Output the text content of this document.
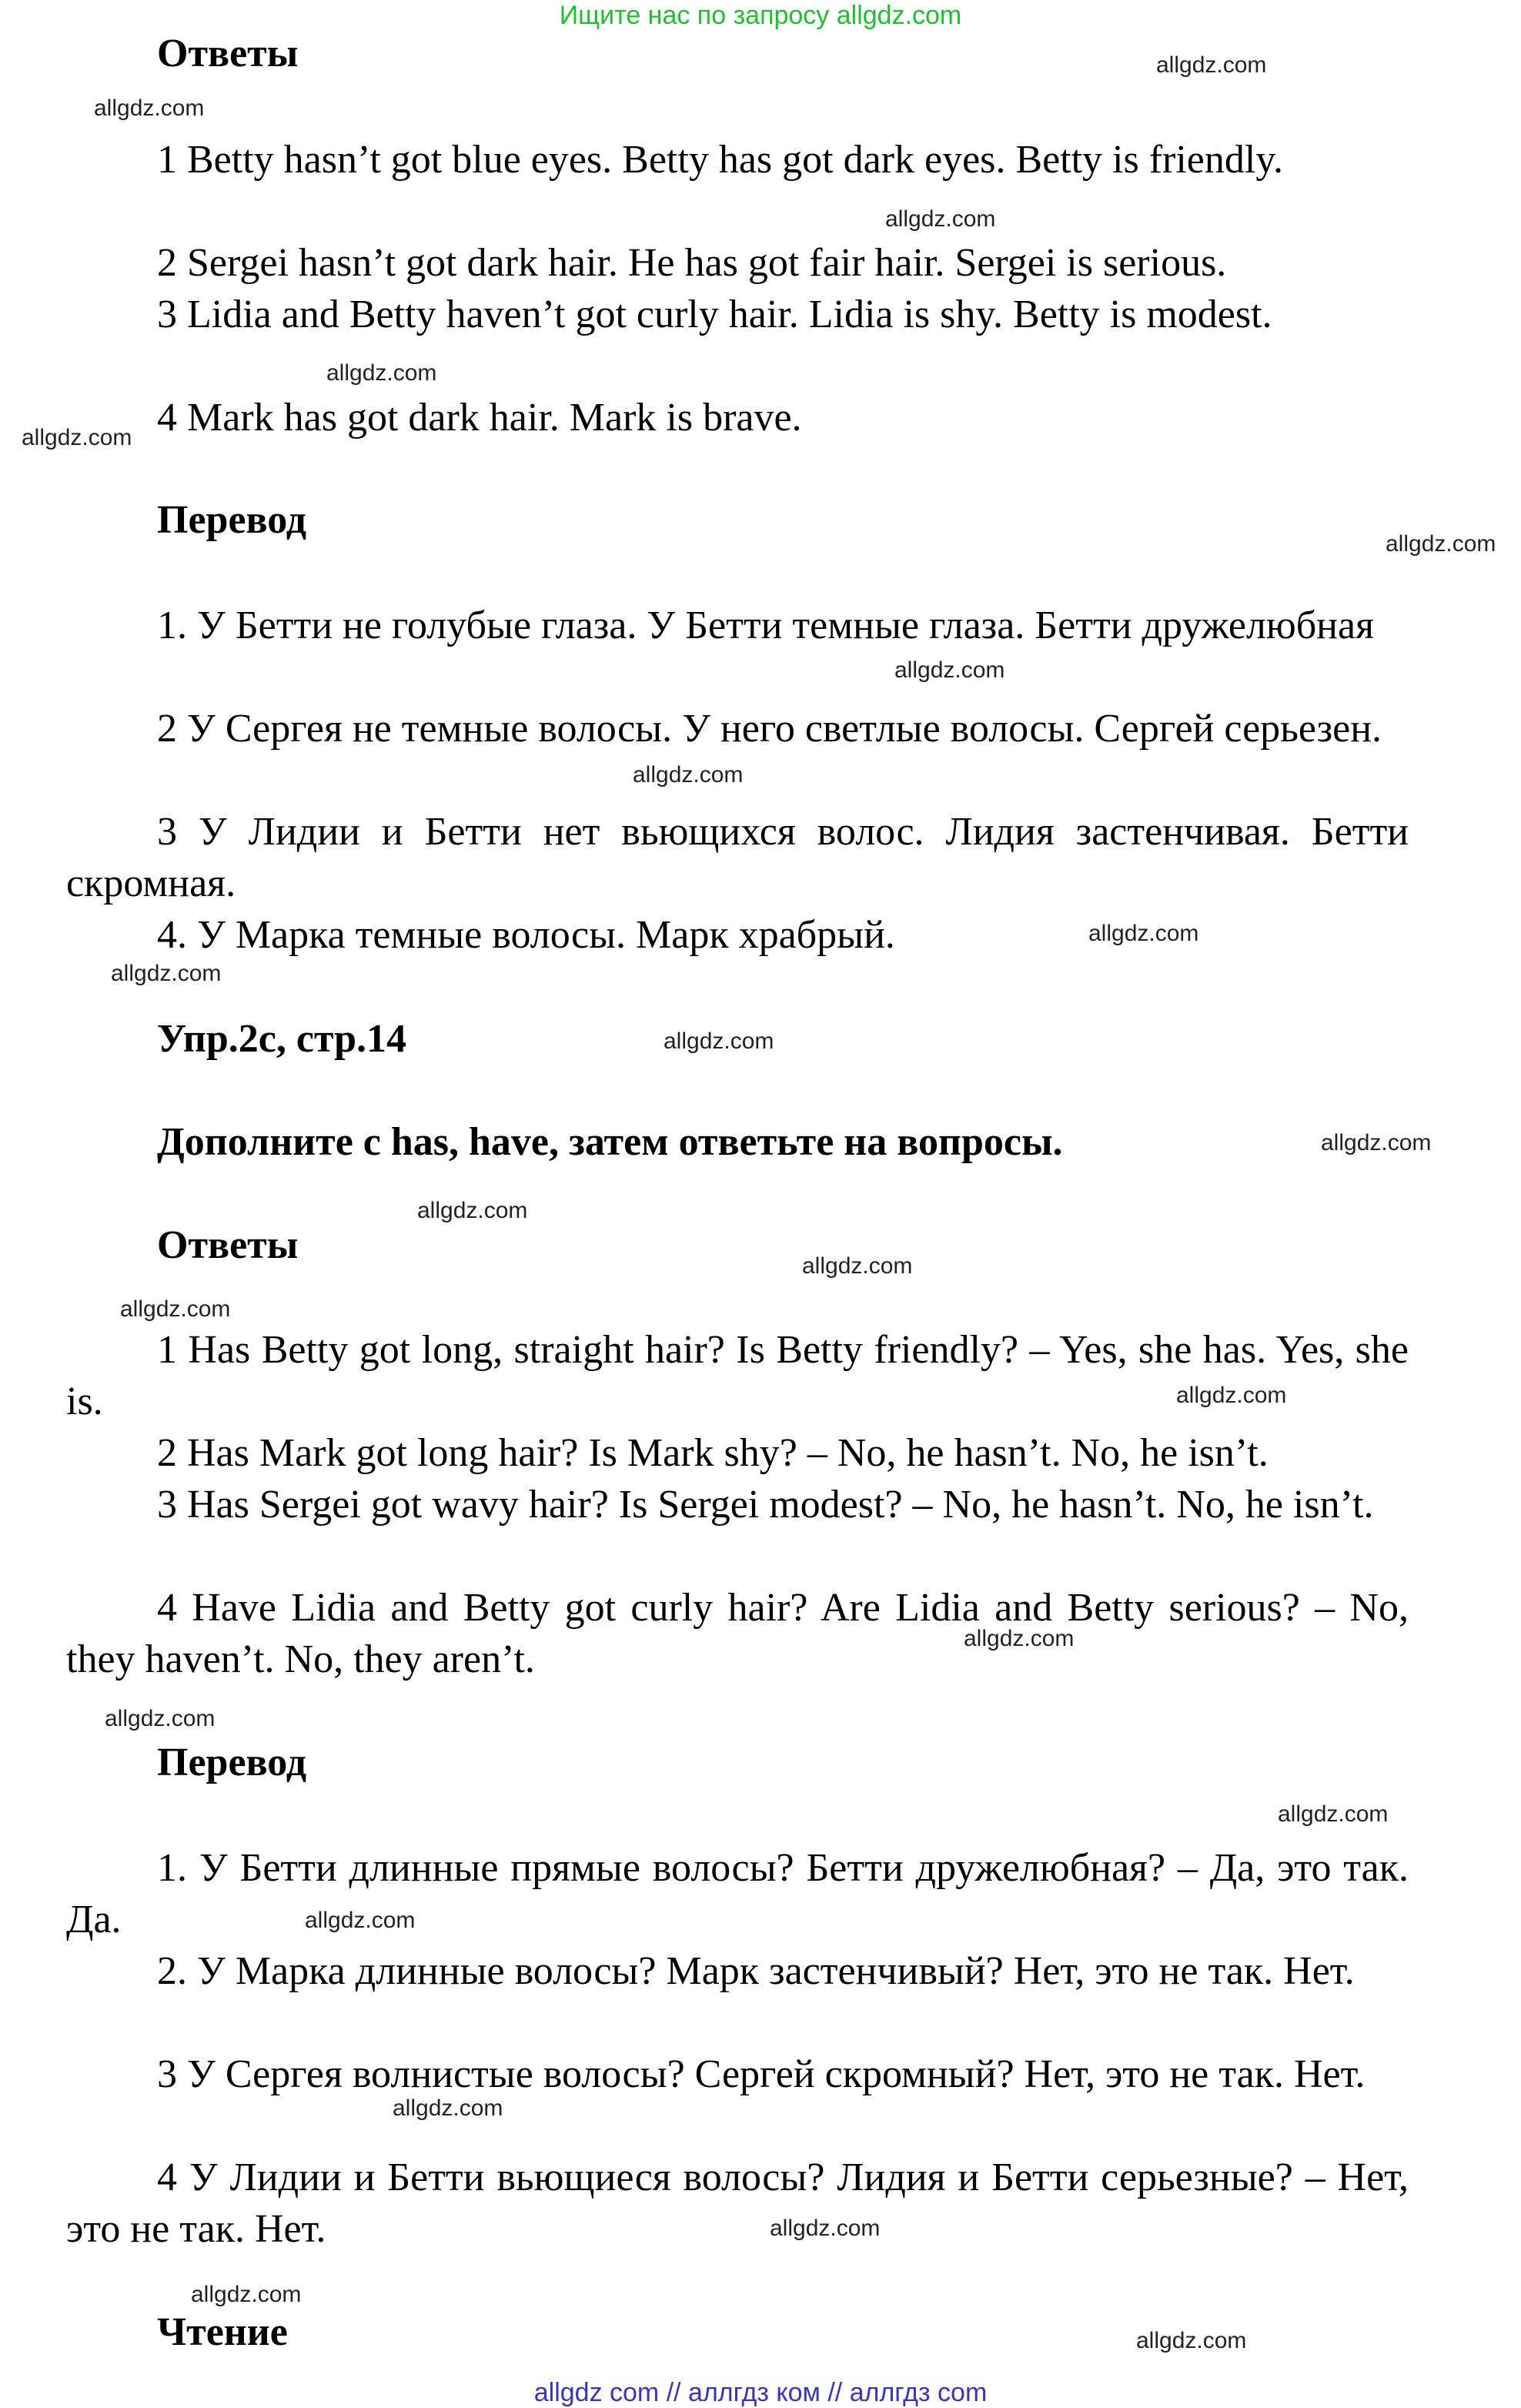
Ищите нас по запросу allgdz.com
Ответы
1 Betty hasn’t got blue eyes. Betty has got dark eyes. Betty is friendly.
2 Sergei hasn’t got dark hair. He has got fair hair. Sergei is serious.
3 Lidia and Betty haven’t got curly hair. Lidia is shy. Betty is modest.
4 Mark has got dark hair. Mark is brave.
Перевод
1. У Бетти не голубые глаза. У Бетти темные глаза. Бетти дружелюбная
2 У Сергея не темные волосы. У него светлые волосы. Сергей серьезен.
3 У Лидии и Бетти нет вьющихся волос. Лидия застенчивая. Бетти скромная.
4. У Марка темные волосы. Марк храбрый.
Упр.2c, стр.14
Дополните с has, have, затем ответьте на вопросы.
Ответы
1 Has Betty got long, straight hair? Is Betty friendly? – Yes, she has. Yes, she is.
2 Has Mark got long hair? Is Mark shy? – No, he hasn’t. No, he isn’t.
3 Has Sergei got wavy hair? Is Sergei modest? – No, he hasn’t. No, he isn’t.
4 Have Lidia and Betty got curly hair? Are Lidia and Betty serious? – No, they haven’t. No, they aren’t.
Перевод
1. У Бетти длинные прямые волосы? Бетти дружелюбная? – Да, это так. Да.
2. У Марка длинные волосы? Марк застенчивый? Нет, это не так. Нет.
3 У Сергея волнистые волосы? Сергей скромный? Нет, это не так. Нет.
4 У Лидии и Бетти вьющиеся волосы? Лидия и Бетти серьезные? – Нет, это не так. Нет.
Чтение
allgdz.com
allgdz.com
allgdz.com
allgdz.com
allgdz.com
allgdz.com
allgdz.com
allgdz.com
allgdz.com
allgdz.com
allgdz.com
allgdz.com
allgdz.com
allgdz.com
allgdz.com
allgdz.com
allgdz.com
allgdz.com
allgdz.com
allgdz.com
allgdz.com
allgdz.com
allgdz.com
allgdz.com
allgdz com // аллгдз ком // аллгдз com
